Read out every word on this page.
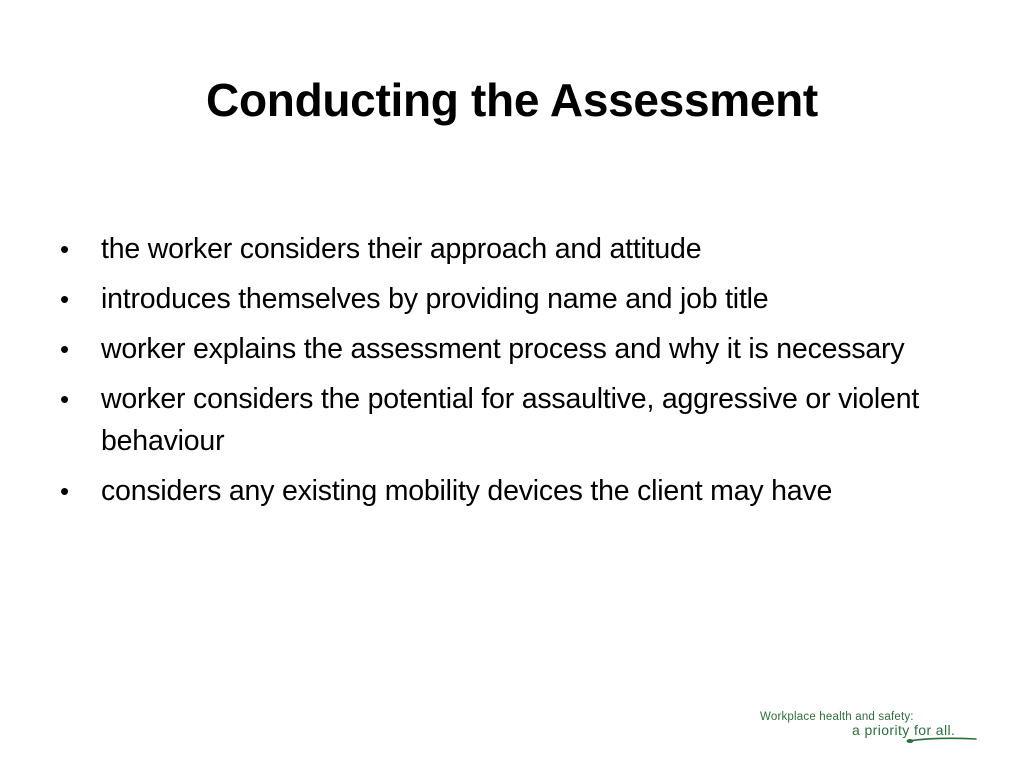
Conducting the Assessment
• the worker considers their approach and attitude
• introduces themselves by providing name and job title
• worker explains the assessment process and why it is necessary
• worker considers the potential for assaultive, aggressive or violent behaviour
• considers any existing mobility devices the client may have
Workplace health and safety:
a priority for all.
